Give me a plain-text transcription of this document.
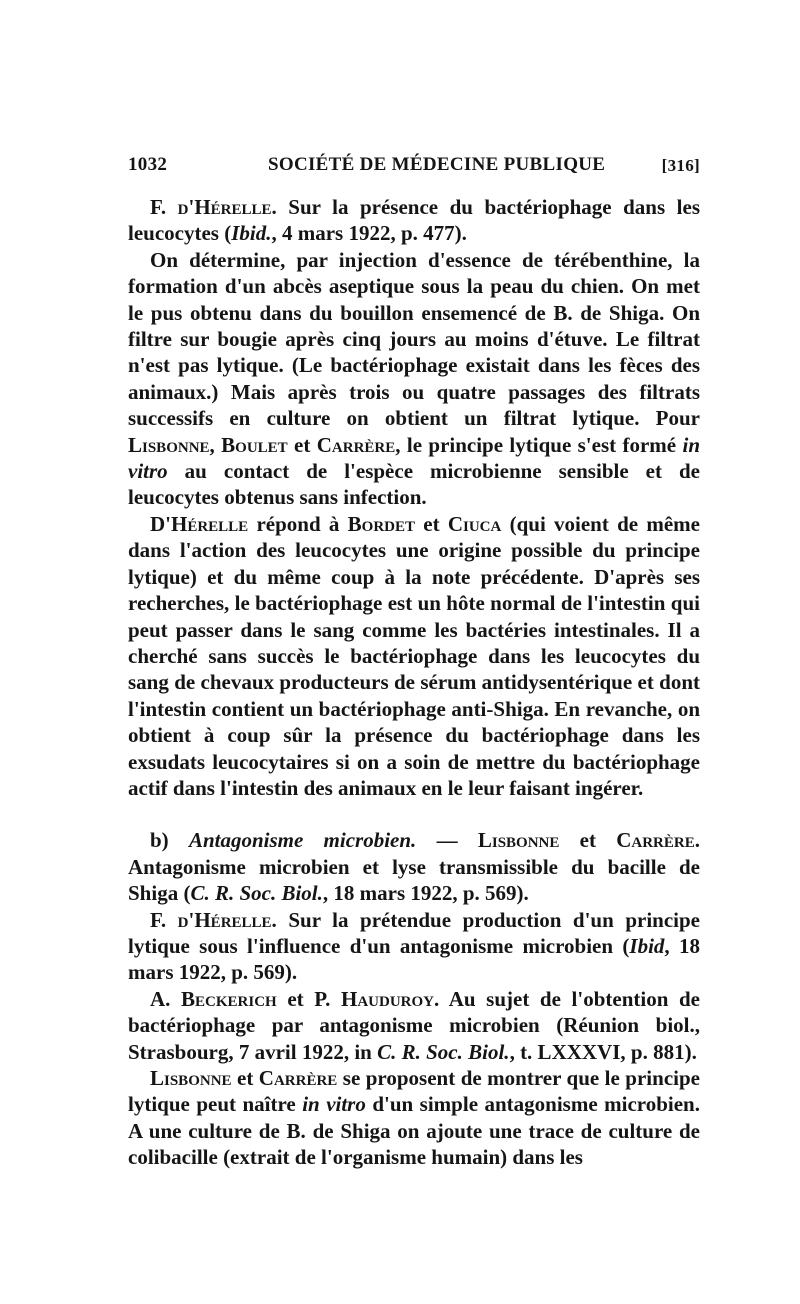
1032	SOCIÉTÉ DE MÉDECINE PUBLIQUE	[316]

F. d'Hérelle. Sur la présence du bactériophage dans les leucocytes (Ibid., 4 mars 1922, p. 477).

On détermine, par injection d'essence de térébenthine, la formation d'un abcès aseptique sous la peau du chien. On met le pus obtenu dans du bouillon ensemencé de B. de Shiga. On filtre sur bougie après cinq jours au moins d'étuve. Le filtrat n'est pas lytique. (Le bactériophage existait dans les fèces des animaux.) Mais après trois ou quatre passages des filtrats successifs en culture on obtient un filtrat lytique. Pour Lisbonne, Boulet et Carrère, le principe lytique s'est formé in vitro au contact de l'espèce microbienne sensible et de leucocytes obtenus sans infection.

D'Hérelle répond à Bordet et Ciuca (qui voient de même dans l'action des leucocytes une origine possible du principe lytique) et du même coup à la note précédente. D'après ses recherches, le bactériophage est un hôte normal de l'intestin qui peut passer dans le sang comme les bactéries intestinales. Il a cherché sans succès le bactériophage dans les leucocytes du sang de chevaux producteurs de sérum antidysentérique et dont l'intestin contient un bactériophage anti-Shiga. En revanche, on obtient à coup sûr la présence du bactériophage dans les exsudats leucocytaires si on a soin de mettre du bactériophage actif dans l'intestin des animaux en le leur faisant ingérer.

b) Antagonisme microbien. — Lisbonne et Carrère. Antagonisme microbien et lyse transmissible du bacille de Shiga (C. R. Soc. Biol., 18 mars 1922, p. 569).

F. d'Hérelle. Sur la prétendue production d'un principe lytique sous l'influence d'un antagonisme microbien (Ibid, 18 mars 1922, p. 569).

A. Beckerich et P. Hauduroy. Au sujet de l'obtention de bactériophage par antagonisme microbien (Réunion biol., Strasbourg, 7 avril 1922, in C. R. Soc. Biol., t. LXXXVI, p. 881).

Lisbonne et Carrère se proposent de montrer que le principe lytique peut naître in vitro d'un simple antagonisme microbien. A une culture de B. de Shiga on ajoute une trace de culture de colibacille (extrait de l'organisme humain) dans les
